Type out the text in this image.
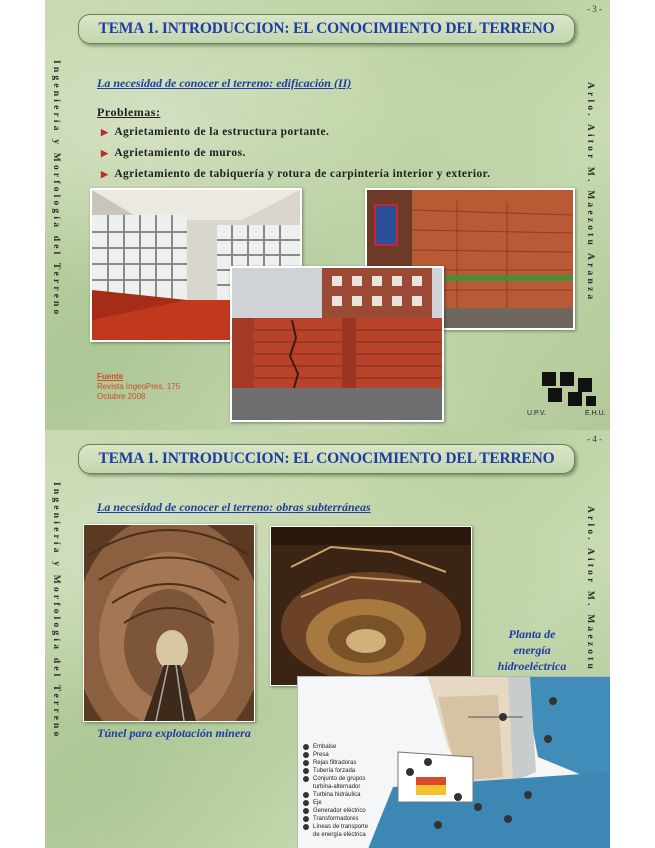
- 3 -
TEMA 1. INTRODUCCION: EL CONOCIMIENTO DEL TERRENO
Ingeniería y Morfología del Terreno	Arlo. Aitor M. Maezotu Aranza
La necesidad de conocer el terreno: edificación (II)
Problemas:
▶ Agrietamiento de la estructura portante.
▶ Agrietamiento de muros.
▶ Agrietamiento de tabiquería y rotura de carpintería interior y exterior.
Fuente
Revista IngeoPres, 175
Octubre 2008
U.P.V.	E.H.U.
- 4 -
TEMA 1. INTRODUCCION: EL CONOCIMIENTO DEL TERRENO
Ingeniería y Morfología del Terreno	Arlo. Aitor M. Maezotu
La necesidad de conocer el terreno: obras subterráneas
Túnel para explotación minera
Planta de
energía
hidroeléctrica
Embalse
Presa
Rejas filtradoras
Tubería forzada
Conjunto de grupos turbina-alternador
Turbina hidráulica
Eje
Generador eléctrico
Transformadores
Líneas de transporte de energía eléctrica
